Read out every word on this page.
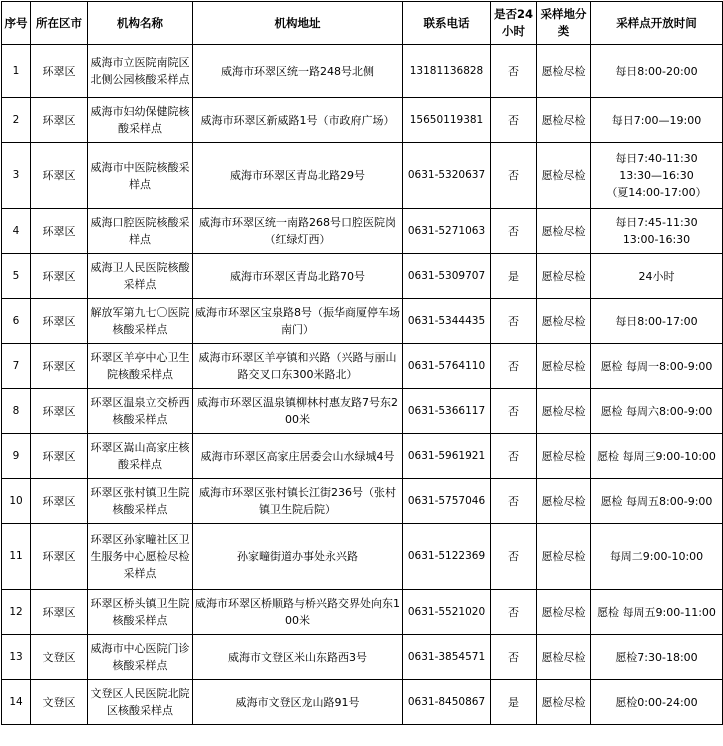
序号	所在区市	机构名称	机构地址	联系电话	是否24小时	采样地分类	采样点开放时间
1	环翠区	威海市立医院南院区北侧公园核酸采样点	威海市环翠区统一路248号北侧	13181136828	否	愿检尽检	每日8:00-20:00
2	环翠区	威海市妇幼保健院核酸采样点	威海市环翠区新威路1号（市政府广场）	15650119381	否	愿检尽检	每日7:00—19:00
3	环翠区	威海市中医院核酸采样点	威海市环翠区青岛北路29号	0631-5320637	否	愿检尽检	每日7:40-11:30
13:30—16:30
（夏14:00-17:00）
4	环翠区	威海口腔医院核酸采样点	威海市环翠区统一南路268号口腔医院岗（红绿灯西）	0631-5271063	否	愿检尽检	每日7:45-11:30
13:00-16:30
5	环翠区	威海卫人民医院核酸采样点	威海市环翠区青岛北路70号	0631-5309707	是	愿检尽检	24小时
6	环翠区	解放军第九七〇医院核酸采样点	威海市环翠区宝泉路8号（振华商厦停车场南门）	0631-5344435	否	愿检尽检	每日8:00-17:00
7	环翠区	环翠区羊亭中心卫生院核酸采样点	威海市环翠区羊亭镇和兴路（兴路与丽山路交叉口东300米路北）	0631-5764110	否	愿检尽检	愿检 每周一8:00-9:00
8	环翠区	环翠区温泉立交桥西核酸采样点	威海市环翠区温泉镇柳林村惠友路7号东200米	0631-5366117	否	愿检尽检	愿检 每周六8:00-9:00
9	环翠区	环翠区嵩山高家庄核酸采样点	威海市环翠区高家庄居委会山水绿城4号	0631-5961921	否	愿检尽检	愿检 每周三9:00-10:00
10	环翠区	环翠区张村镇卫生院核酸采样点	威海市环翠区张村镇长江街236号（张村镇卫生院后院）	0631-5757046	否	愿检尽检	愿检 每周五8:00-9:00
11	环翠区	环翠区孙家疃社区卫生服务中心愿检尽检采样点	孙家疃街道办事处永兴路	0631-5122369	否	愿检尽检	每周二9:00-10:00
12	环翠区	环翠区桥头镇卫生院核酸采样点	威海市环翠区桥顺路与桥兴路交界处向东100米	0631-5521020	否	愿检尽检	愿检 每周五9:00-11:00
13	文登区	威海市中心医院门诊核酸采样点	威海市文登区米山东路西3号	0631-3854571	否	愿检尽检	愿检7:30-18:00
14	文登区	文登区人民医院北院区核酸采样点	威海市文登区龙山路91号	0631-8450867	是	愿检尽检	愿检0:00-24:00
